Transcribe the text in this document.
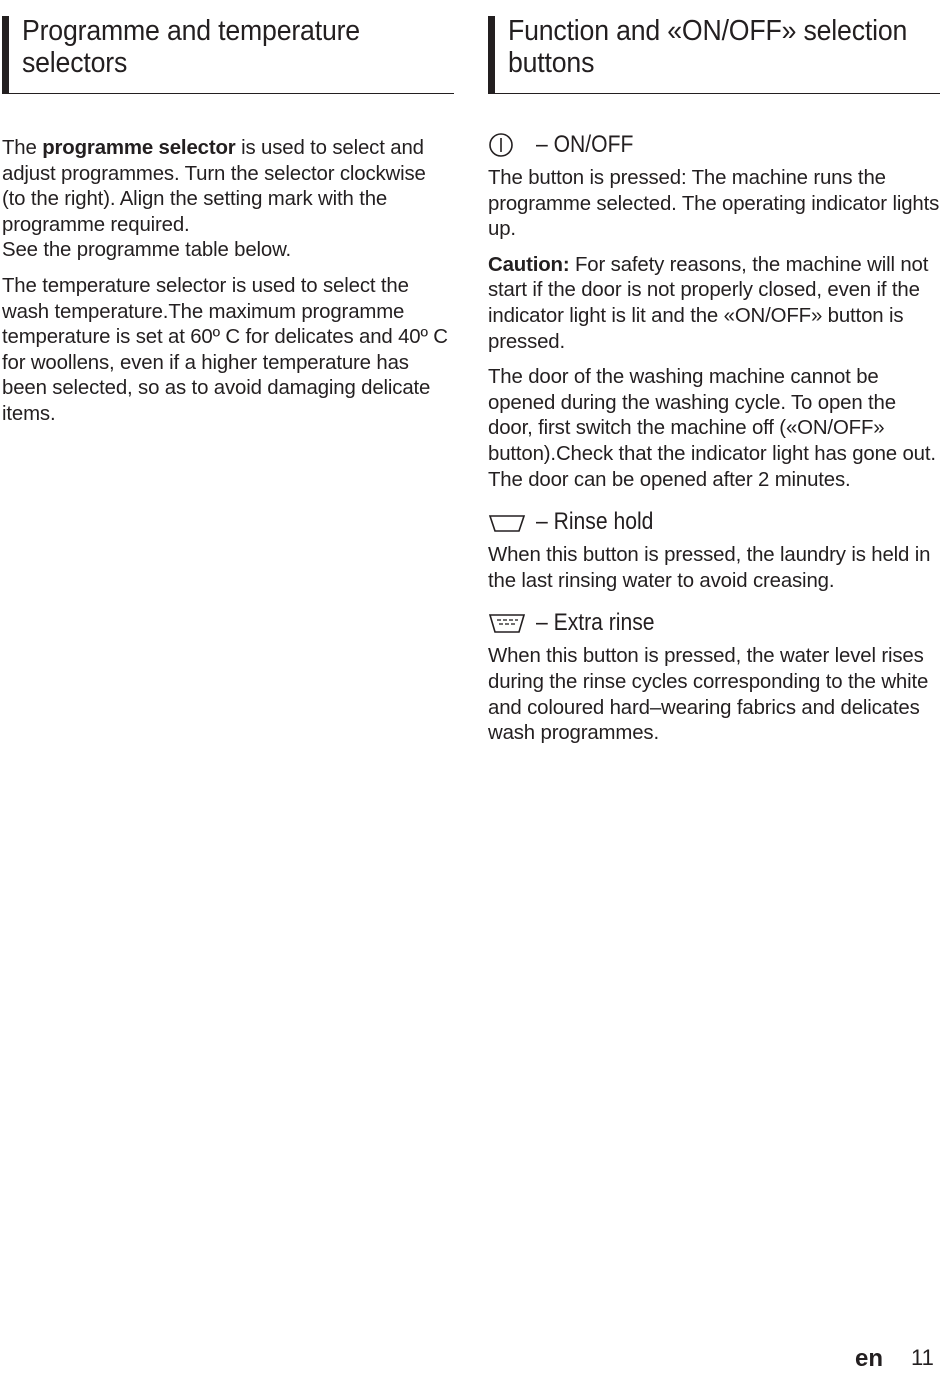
Programme and temperature
selectors

The programme selector is used to select and adjust programmes. Turn the selector clockwise (to the right). Align the setting mark with the programme required.
See the programme table below.

The temperature selector is used to select the wash temperature.The maximum programme temperature is set at 60º C for delicates and 40º C for woollens, even if a higher temperature has been selected, so as to avoid damaging delicate items.

Function and «ON/OFF» selection
buttons
– ON/OFF

The button is pressed: The machine runs the programme selected. The operating indicator lights up.

Caution: For safety reasons, the machine will not start if the door is not properly closed, even if the indicator light is lit and the «ON/OFF» button is pressed.

The door of the washing machine cannot be opened during the washing cycle. To open the door, first switch the machine off («ON/OFF» button).Check that the indicator light has gone out. The door can be opened after 2 minutes.

– Rinse hold

When this button is pressed, the laundry is held in the last rinsing water to avoid creasing.

– Extra rinse

When this button is pressed, the water level rises during the rinse cycles corresponding to the white and coloured hard–wearing fabrics and delicates wash programmes.

en 11
